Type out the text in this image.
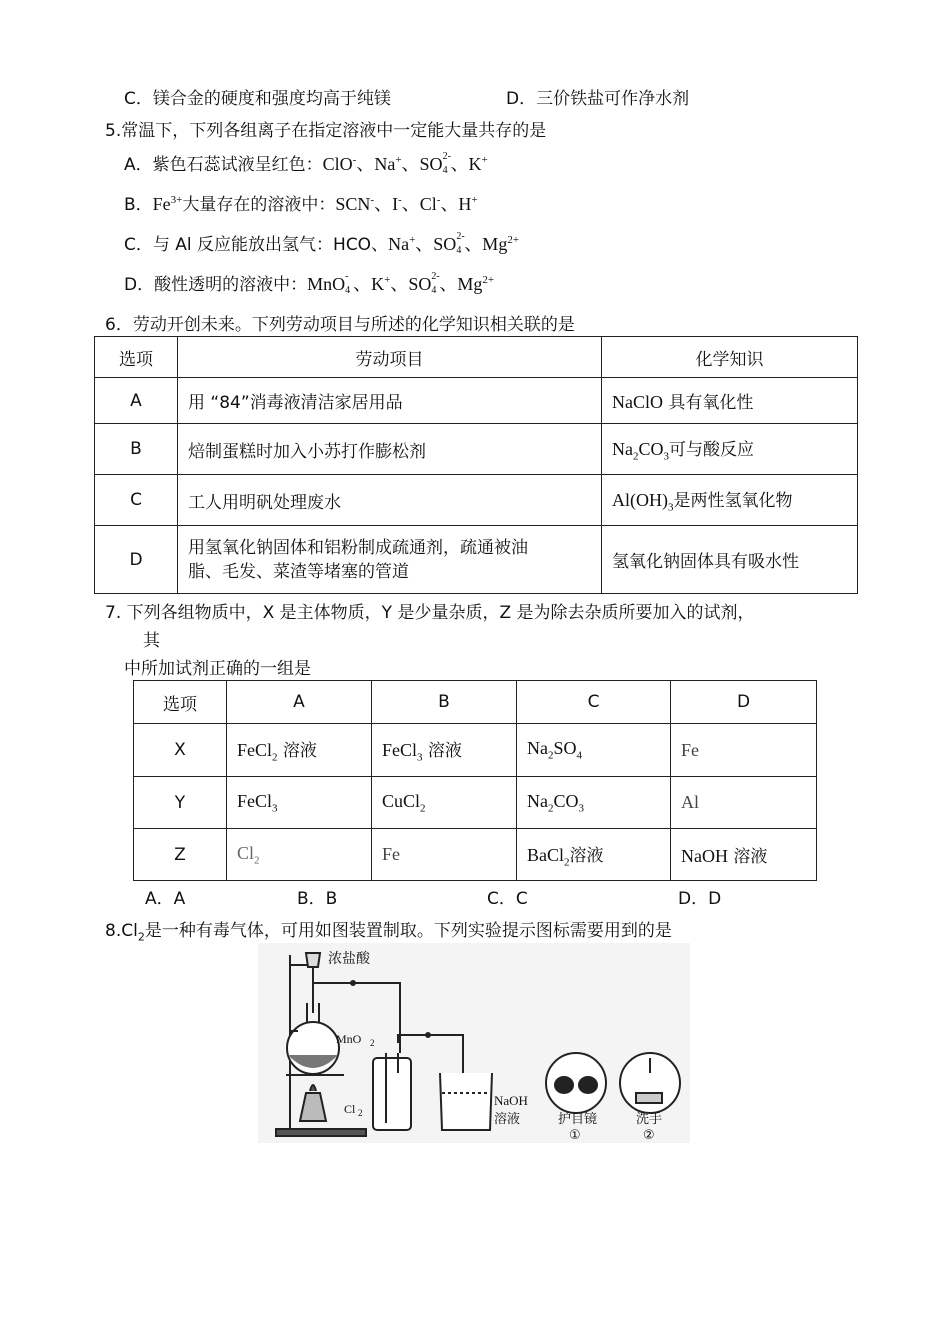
C．镁合金的硬度和强度均高于纯镁	D．三价铁盐可作净水剂
5.常温下，下列各组离子在指定溶液中一定能大量共存的是
A．紫色石蕊试液呈红色：ClO-、Na+、SO 2-
4 、K+
B．$Fe^{3+}$大量存在的溶液中：SCN-、I-、Cl-、H+
C．与 Al 反应能放出氢气：HCO、Na+、SO 2-
4 、$Mg^{2+}$
D．酸性透明的溶液中：MnO -
4 、K+、SO 2-
4 、$Mg^{2+}$
6．劳动开创未来。下列劳动项目与所述的化学知识相关联的是
选项	劳动项目	化学知识
A	用 “84”消毒液清洁家居用品	NaClO 具有氧化性
B	焙制蛋糕时加入小苏打作膨松剂	$Na_2CO_3$可与酸反应
C	工人用明矾处理废水	$Al(OH)_3$是两性氢氧化物
D	用氢氧化钠固体和铝粉制成疏通剂，疏通被油
脂、毛发、菜渣等堵塞的管道	氢氧化钠固体具有吸水性
7. 下列各组物质中，X 是主体物质，Y 是少量杂质，Z 是为除去杂质所要加入的试剂，
其
中所加试剂正确的一组是
选项	A	B	C	D
X	FeCl$_2$ 溶液	FeCl$_3$ 溶液	$Na_2SO_4$	Fe
Y	FeCl$_3$	CuCl$_2$	$Na_2CO_3$	Al
Z	$Cl_2$	Fe	BaCl$_2$溶液	NaOH 溶液
A．A	B．B	C．C	D．D
$8.Cl_2$是一种有毒气体，可用如图装置制取。下列实验提示图标需要用到的是
浓盐酸
MnO 2
Cl 2
NaOH
溶液	护目镜
①
洗手
②
